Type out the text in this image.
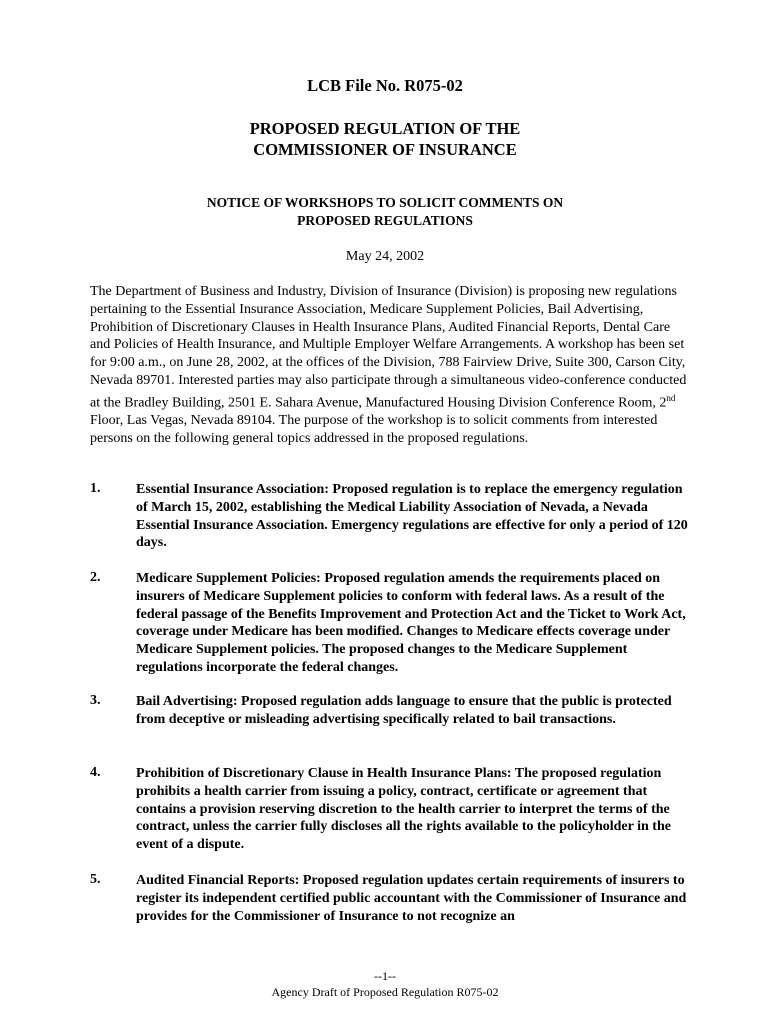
LCB File No. R075-02

PROPOSED REGULATION OF THE
COMMISSIONER OF INSURANCE
NOTICE OF WORKSHOPS TO SOLICIT COMMENTS ON
PROPOSED REGULATIONS

May 24, 2002

The Department of Business and Industry, Division of Insurance (Division) is proposing new regulations pertaining to the Essential Insurance Association, Medicare Supplement Policies, Bail Advertising, Prohibition of Discretionary Clauses in Health Insurance Plans, Audited Financial Reports, Dental Care and Policies of Health Insurance, and Multiple Employer Welfare Arrangements. A workshop has been set for 9:00 a.m., on June 28, 2002, at the offices of the Division, 788 Fairview Drive, Suite 300, Carson City, Nevada 89701. Interested parties may also participate through a simultaneous video-conference conducted at the Bradley Building, 2501 E. Sahara Avenue, Manufactured Housing Division Conference Room, 2nd Floor, Las Vegas, Nevada 89104. The purpose of the workshop is to solicit comments from interested persons on the following general topics addressed in the proposed regulations.

1.	Essential Insurance Association: Proposed regulation is to replace the emergency regulation of March 15, 2002, establishing the Medical Liability Association of Nevada, a Nevada Essential Insurance Association. Emergency regulations are effective for only a period of 120 days.

2.	Medicare Supplement Policies: Proposed regulation amends the requirements placed on insurers of Medicare Supplement policies to conform with federal laws. As a result of the federal passage of the Benefits Improvement and Protection Act and the Ticket to Work Act, coverage under Medicare has been modified. Changes to Medicare effects coverage under Medicare Supplement policies. The proposed changes to the Medicare Supplement regulations incorporate the federal changes.

3.	Bail Advertising: Proposed regulation adds language to ensure that the public is protected from deceptive or misleading advertising specifically related to bail transactions.

4.	Prohibition of Discretionary Clause in Health Insurance Plans: The proposed regulation prohibits a health carrier from issuing a policy, contract, certificate or agreement that contains a provision reserving discretion to the health carrier to interpret the terms of the contract, unless the carrier fully discloses all the rights available to the policyholder in the event of a dispute.

5.	Audited Financial Reports: Proposed regulation updates certain requirements of insurers to register its independent certified public accountant with the Commissioner of Insurance and provides for the Commissioner of Insurance to not recognize an

--1--

Agency Draft of Proposed Regulation R075-02
